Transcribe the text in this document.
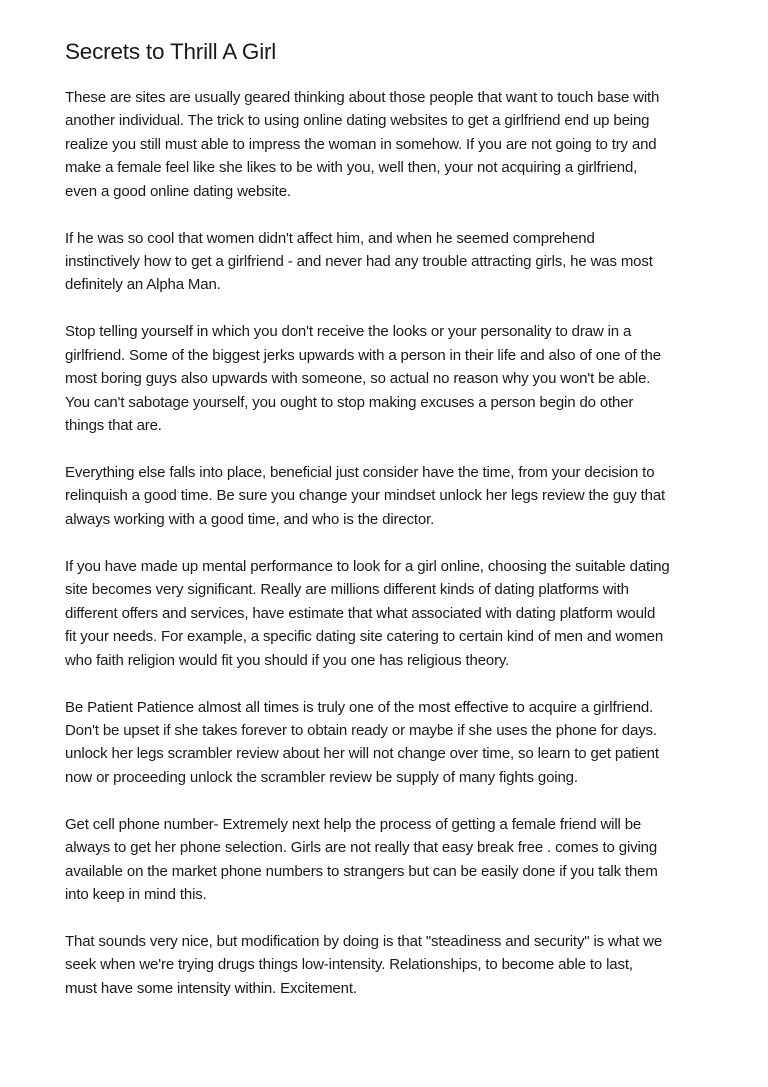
Secrets to Thrill A Girl

These are sites are usually geared thinking about those people that want to touch base with
another individual. The trick to using online dating websites to get a girlfriend end up being
realize you still must able to impress the woman in somehow. If you are not going to try and
make a female feel like she likes to be with you, well then, your not acquiring a girlfriend,
even a good online dating website.

If he was so cool that women didn't affect him, and when he seemed comprehend
instinctively how to get a girlfriend - and never had any trouble attracting girls, he was most
definitely an Alpha Man.

Stop telling yourself in which you don't receive the looks or your personality to draw in a
girlfriend. Some of the biggest jerks upwards with a person in their life and also of one of the
most boring guys also upwards with someone, so actual no reason why you won't be able.
You can't sabotage yourself, you ought to stop making excuses a person begin do other
things that are.

Everything else falls into place, beneficial just consider have the time, from your decision to
relinquish a good time. Be sure you change your mindset unlock her legs review the guy that
always working with a good time, and who is the director.

If you have made up mental performance to look for a girl online, choosing the suitable dating
site becomes very significant. Really are millions different kinds of dating platforms with
different offers and services, have estimate that what associated with dating platform would
fit your needs. For example, a specific dating site catering to certain kind of men and women
who faith religion would fit you should if you one has religious theory.

Be Patient Patience almost all times is truly one of the most effective to acquire a girlfriend.
Don't be upset if she takes forever to obtain ready or maybe if she uses the phone for days.
unlock her legs scrambler review about her will not change over time, so learn to get patient
now or proceeding unlock the scrambler review be supply of many fights going.

Get cell phone number- Extremely next help the process of getting a female friend will be
always to get her phone selection. Girls are not really that easy break free . comes to giving
available on the market phone numbers to strangers but can be easily done if you talk them
into keep in mind this.

That sounds very nice, but modification by doing is that "steadiness and security" is what we
seek when we're trying drugs things low-intensity. Relationships, to become able to last,
must have some intensity within. Excitement.
